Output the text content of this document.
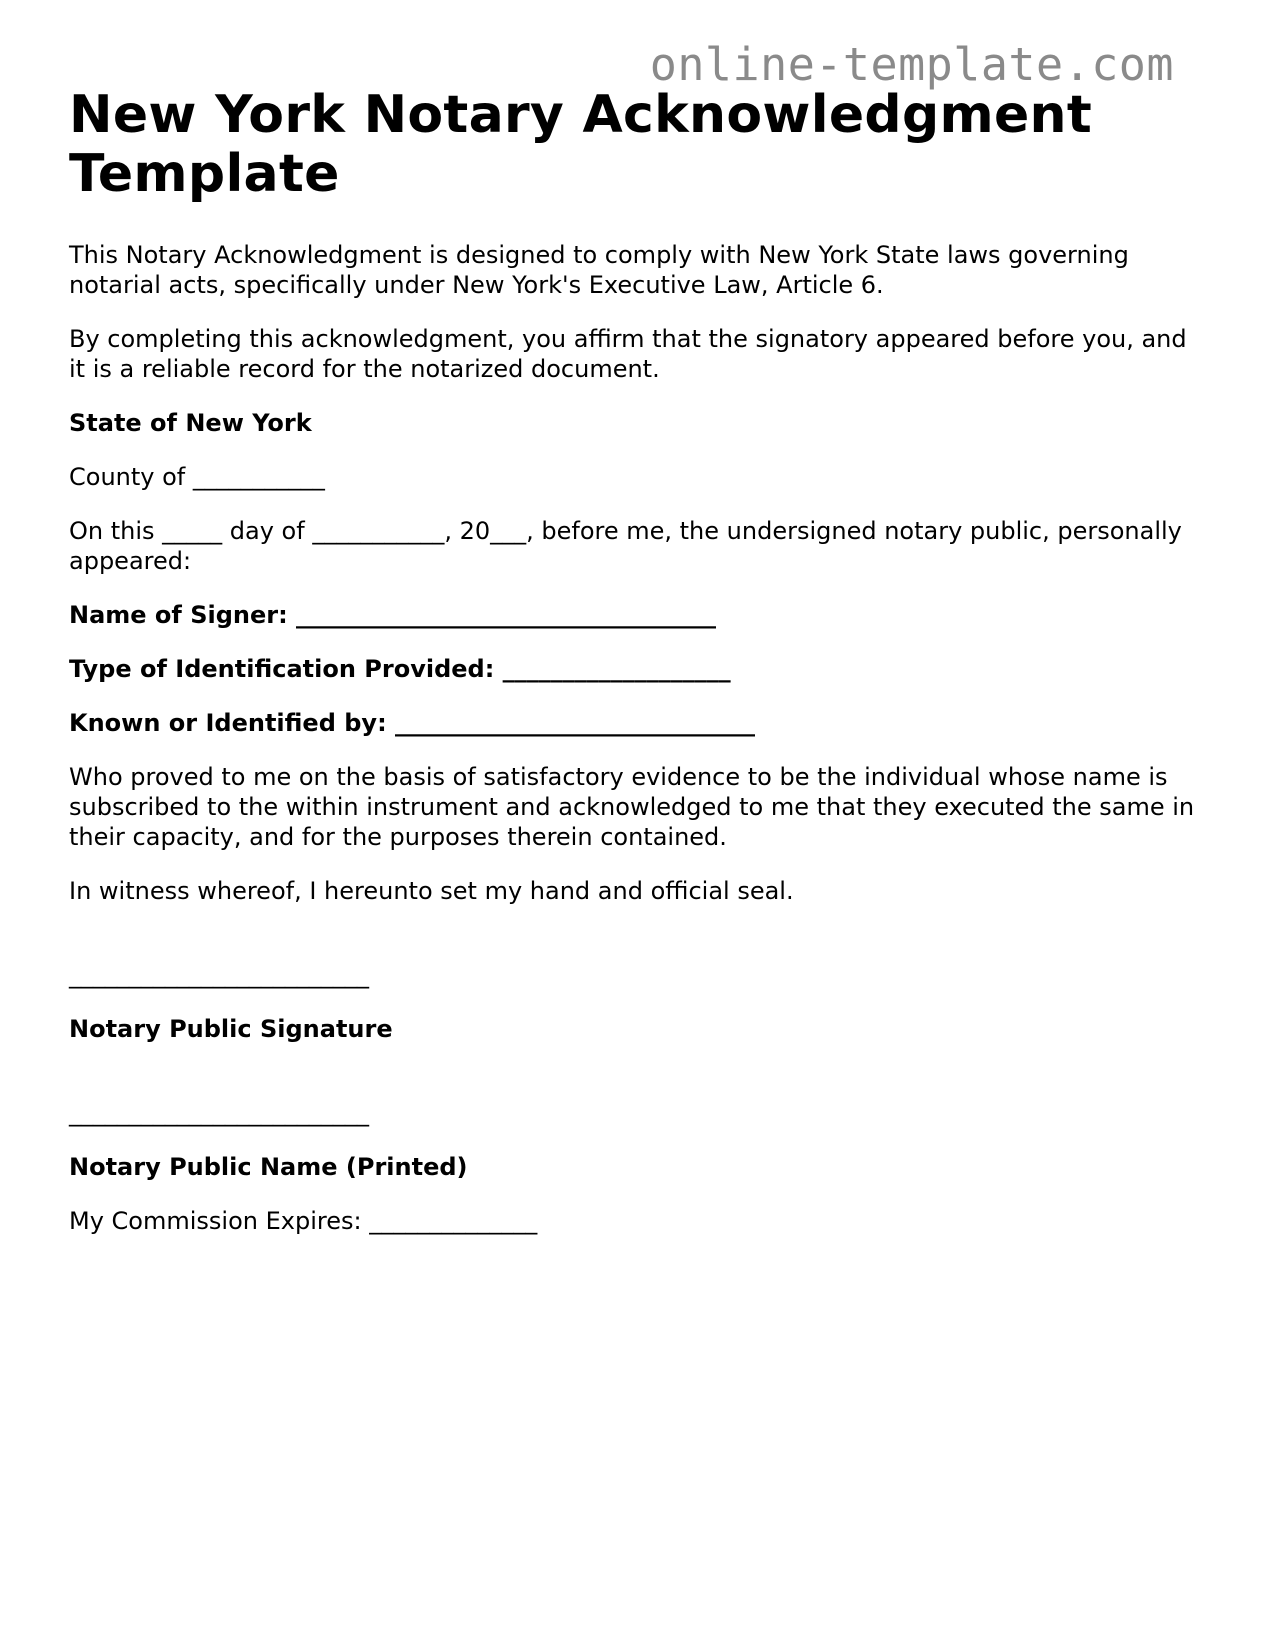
online-template.com
New York Notary Acknowledgment Template

This Notary Acknowledgment is designed to comply with New York State laws governing notarial acts, specifically under New York's Executive Law, Article 6.

By completing this acknowledgment, you affirm that the signatory appeared before you, and it is a reliable record for the notarized document.

State of New York

County of ___________

On this _____ day of ___________, 20___, before me, the undersigned notary public, personally appeared:

Name of Signer: ___________________________________

Type of Identification Provided: ___________________

Known or Identified by: ______________________________

Who proved to me on the basis of satisfactory evidence to be the individual whose name is subscribed to the within instrument and acknowledged to me that they executed the same in their capacity, and for the purposes therein contained.

In witness whereof, I hereunto set my hand and official seal.

_________________________

Notary Public Signature

_________________________

Notary Public Name (Printed)

My Commission Expires: ______________
